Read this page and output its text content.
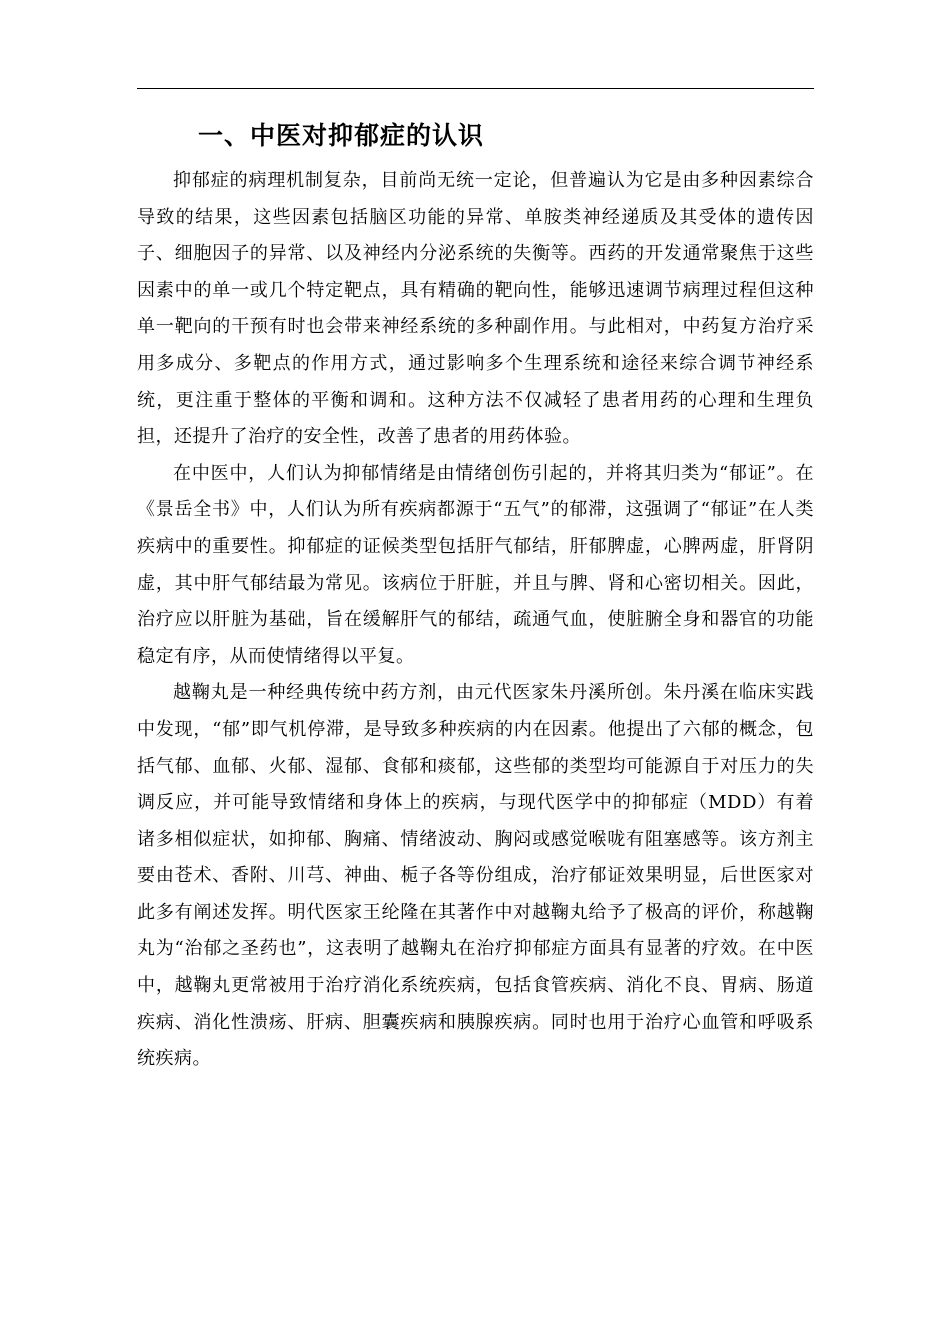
一、中医对抑郁症的认识

抑郁症的病理机制复杂，目前尚无统一定论，但普遍认为它是由多种因素综合导致的结果，这些因素包括脑区功能的异常、单胺类神经递质及其受体的遗传因子、细胞因子的异常、以及神经内分泌系统的失衡等。西药的开发通常聚焦于这些因素中的单一或几个特定靶点，具有精确的靶向性，能够迅速调节病理过程但这种单一靶向的干预有时也会带来神经系统的多种副作用。与此相对，中药复方治疗采用多成分、多靶点的作用方式，通过影响多个生理系统和途径来综合调节神经系统，更注重于整体的平衡和调和。这种方法不仅减轻了患者用药的心理和生理负担，还提升了治疗的安全性，改善了患者的用药体验。

在中医中，人们认为抑郁情绪是由情绪创伤引起的，并将其归类为“郁证”。在《景岳全书》中，人们认为所有疾病都源于“五气”的郁滞，这强调了“郁证”在人类疾病中的重要性。抑郁症的证候类型包括肝气郁结，肝郁脾虚，心脾两虚，肝肾阴虚，其中肝气郁结最为常见。该病位于肝脏，并且与脾、肾和心密切相关。因此，治疗应以肝脏为基础，旨在缓解肝气的郁结，疏通气血，使脏腑全身和器官的功能稳定有序，从而使情绪得以平复。

越鞠丸是一种经典传统中药方剂，由元代医家朱丹溪所创。朱丹溪在临床实践中发现，“郁”即气机停滞，是导致多种疾病的内在因素。他提出了六郁的概念，包括气郁、血郁、火郁、湿郁、食郁和痰郁，这些郁的类型均可能源自于对压力的失调反应，并可能导致情绪和身体上的疾病，与现代医学中的抑郁症（MDD）有着诸多相似症状，如抑郁、胸痛、情绪波动、胸闷或感觉喉咙有阻塞感等。该方剂主要由苍术、香附、川芎、神曲、栀子各等份组成，治疗郁证效果明显，后世医家对此多有阐述发挥。明代医家王纶隆在其著作中对越鞠丸给予了极高的评价，称越鞠丸为“治郁之圣药也”，这表明了越鞠丸在治疗抑郁症方面具有显著的疗效。在中医中，越鞠丸更常被用于治疗消化系统疾病，包括食管疾病、消化不良、胃病、肠道疾病、消化性溃疡、肝病、胆囊疾病和胰腺疾病。同时也用于治疗心血管和呼吸系统疾病。
